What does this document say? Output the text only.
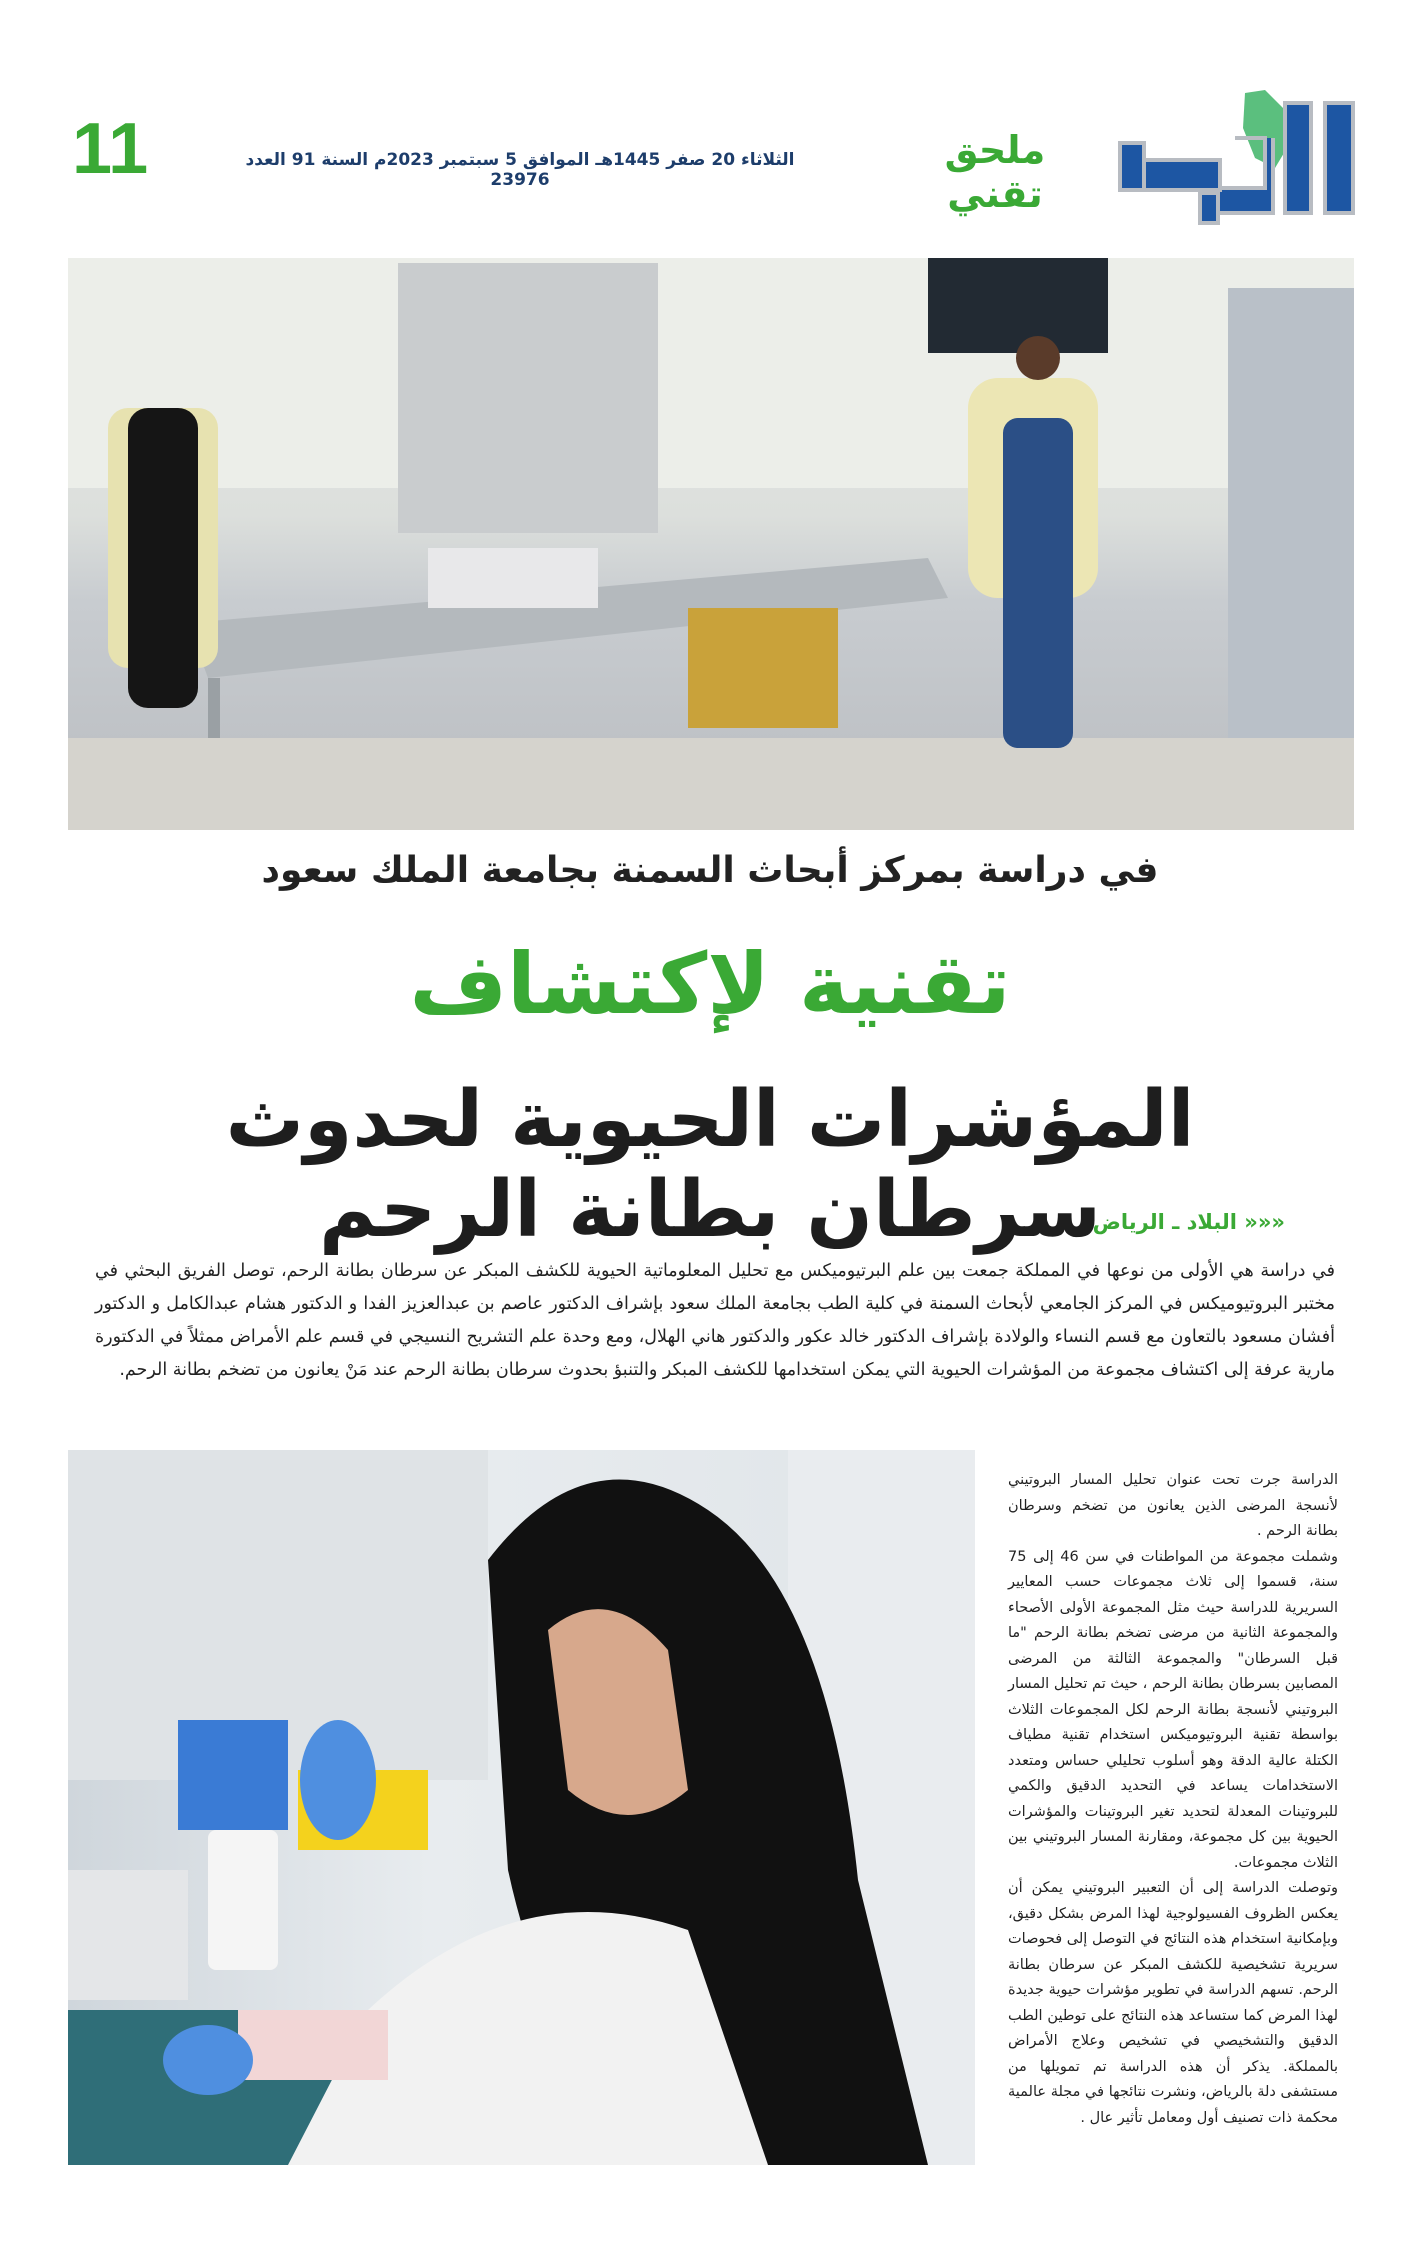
11	الثلاثاء 20 صفر 1445هـ الموافق 5 سبتمبر 2023م السنة 91 العدد 23976
ملحق تقني
في دراسة بمركز أبحاث السمنة بجامعة الملك سعود
تقنية لإكتشاف
المؤشرات الحيوية لحدوث سرطان بطانة الرحم	««« البلاد ـ الرياض
في دراسة هي الأولى من نوعها في المملكة جمعت بين علم البرتيوميكس مع تحليل المعلوماتية الحيوية للكشف المبكر عن سرطان بطانة الرحم، توصل الفريق البحثي في مختبر البروتيوميكس في المركز الجامعي لأبحاث السمنة في كلية الطب بجامعة الملك سعود بإشراف الدكتور عاصم بن عبدالعزيز الفدا و الدكتور هشام عبدالكامل و الدكتور أفشان مسعود بالتعاون مع قسم النساء والولادة بإشراف الدكتور خالد عكور والدكتور هاني الهلال، ومع وحدة علم التشريح النسيجي في قسم علم الأمراض ممثلاً في الدكتورة مارية عرفة إلى اكتشاف مجموعة من المؤشرات الحيوية التي يمكن استخدامها للكشف المبكر والتنبؤ بحدوث سرطان بطانة الرحم عند مَنْ يعانون من تضخم بطانة الرحم.

الدراسة جرت تحت عنوان تحليل المسار البروتيني لأنسجة المرضى الذين يعانون من تضخم وسرطان بطانة الرحم .

وشملت مجموعة من المواطنات في سن 46 إلى 75 سنة، قسموا إلى ثلاث مجموعات حسب المعايير السريرية للدراسة حيث مثل المجموعة الأولى الأصحاء والمجموعة الثانية من مرضى تضخم بطانة الرحم "ما قبل السرطان" والمجموعة الثالثة من المرضى المصابين بسرطان بطانة الرحم ، حيث تم تحليل المسار البروتيني لأنسجة بطانة الرحم لكل المجموعات الثلاث بواسطة تقنية البروتيوميكس استخدام تقنية مطياف الكتلة عالية الدقة وهو أسلوب تحليلي حساس ومتعدد الاستخدامات يساعد في التحديد الدقيق والكمي للبروتينات المعدلة لتحديد تغير البروتينات والمؤشرات الحيوية بين كل مجموعة، ومقارنة المسار البروتيني بين الثلاث مجموعات.

وتوصلت الدراسة إلى أن التعبير البروتيني يمكن أن يعكس الظروف الفسيولوجية لهذا المرض بشكل دقيق، وبإمكانية استخدام هذه النتائج في التوصل إلى فحوصات سريرية تشخيصية للكشف المبكر عن سرطان بطانة الرحم. تسهم الدراسة في تطوير مؤشرات حيوية جديدة لهذا المرض كما ستساعد هذه النتائج على توطين الطب الدقيق والتشخيصي في تشخيص وعلاج الأمراض بالمملكة. يذكر أن هذه الدراسة تم تمويلها من مستشفى دلة بالرياض، ونشرت نتائجها في مجلة عالمية محكمة ذات تصنيف أول ومعامل تأثير عال .
